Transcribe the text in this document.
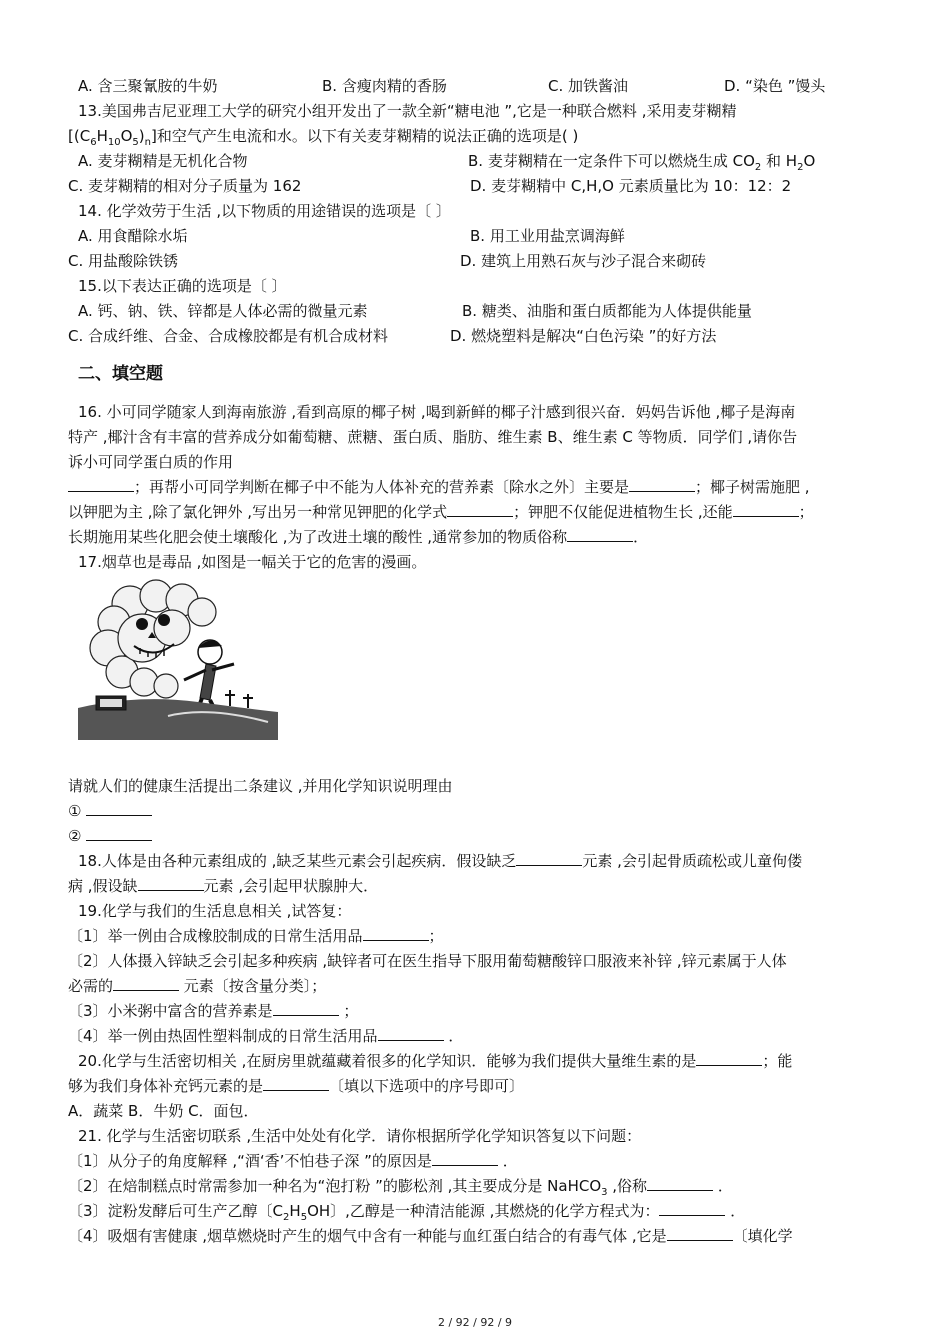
A. 含三聚氰胺的牛奶	B. 含瘦肉精的香肠	C. 加铁酱油	D. “染色 ”馒头
13.美国弗吉尼亚理工大学的研究小组开发出了一款全新“糖电池 ”,它是一种联合燃料 ,采用麦芽糊精
$[(C_6H_{10}O_5)_n]$和空气产生电流和水。以下有关麦芽糊精的说法正确的选项是( )
A. 麦芽糊精是无机化合物	B. 麦芽糊精在一定条件下可以燃烧生成 $CO_2$ 和 $H_2O$
C. 麦芽糊精的相对分子质量为 162	D. 麦芽糊精中 C,H,O 元素质量比为 10：12：2
14. 化学效劳于生活 ,以下物质的用途错误的选项是〔 〕
A. 用食醋除水垢	B. 用工业用盐烹调海鲜
C. 用盐酸除铁锈	D. 建筑上用熟石灰与沙子混合来砌砖
15.以下表达正确的选项是〔 〕
A. 钙、钠、铁、锌都是人体必需的微量元素	B. 糖类、油脂和蛋白质都能为人体提供能量
C. 合成纤维、合金、合成橡胶都是有机合成材料	D. 燃烧塑料是解决“白色污染 ”的好方法
二、填空题
16. 小可同学随家人到海南旅游 ,看到高原的椰子树 ,喝到新鲜的椰子汁感到很兴奋．妈妈告诉他 ,椰子是海南
特产 ,椰汁含有丰富的营养成分如葡萄糖、蔗糖、蛋白质、脂肪、维生素 B、维生素 C 等物质．同学们 ,请你告
诉小可同学蛋白质的作用
；再帮小可同学判断在椰子中不能为人体补充的营养素〔除水之外〕主要是	；椰子树需施肥 ,
以钾肥为主 ,除了氯化钾外 ,写出另一种常见钾肥的化学式	；钾肥不仅能促进植物生长 ,还能	；
长期施用某些化肥会使土壤酸化 ,为了改进土壤的酸性 ,通常参加的物质俗称	．
17.烟草也是毒品 ,如图是一幅关于它的危害的漫画。
请就人们的健康生活提出二条建议 ,并用化学知识说明理由
①
②
18.人体是由各种元素组成的 ,缺乏某些元素会引起疾病．假设缺乏	元素 ,会引起骨质疏松或儿童佝偻
病 ,假设缺	元素 ,会引起甲状腺肿大．
19.化学与我们的生活息息相关 ,试答复：
〔1〕举一例由合成橡胶制成的日常生活用品	；
〔2〕人体摄入锌缺乏会引起多种疾病 ,缺锌者可在医生指导下服用葡萄糖酸锌口服液来补锌 ,锌元素属于人体
必需的	元素〔按含量分类〕；
〔3〕小米粥中富含的营养素是	；
〔4〕举一例由热固性塑料制成的日常生活用品	．
20.化学与生活密切相关 ,在厨房里就蕴藏着很多的化学知识．能够为我们提供大量维生素的是	；能
够为我们身体补充钙元素的是	〔填以下选项中的序号即可〕
A．蔬菜 B．牛奶 C．面包．
21. 化学与生活密切联系 ,生活中处处有化学．请你根据所学化学知识答复以下问题：
〔1〕从分子的角度解释 ,“酒‘香’不怕巷子深 ”的原因是	．
〔2〕在焙制糕点时常需参加一种名为“泡打粉 ”的膨松剂 ,其主要成分是 NaHCO$_3$ ,俗称	．
〔3〕淀粉发酵后可生产乙醇〔$C_2H_5OH$〕,乙醇是一种清洁能源 ,其燃烧的化学方程式为：	．
〔4〕吸烟有害健康 ,烟草燃烧时产生的烟气中含有一种能与血红蛋白结合的有毒气体 ,它是	〔填化学
2 / 92 / 92 / 9
